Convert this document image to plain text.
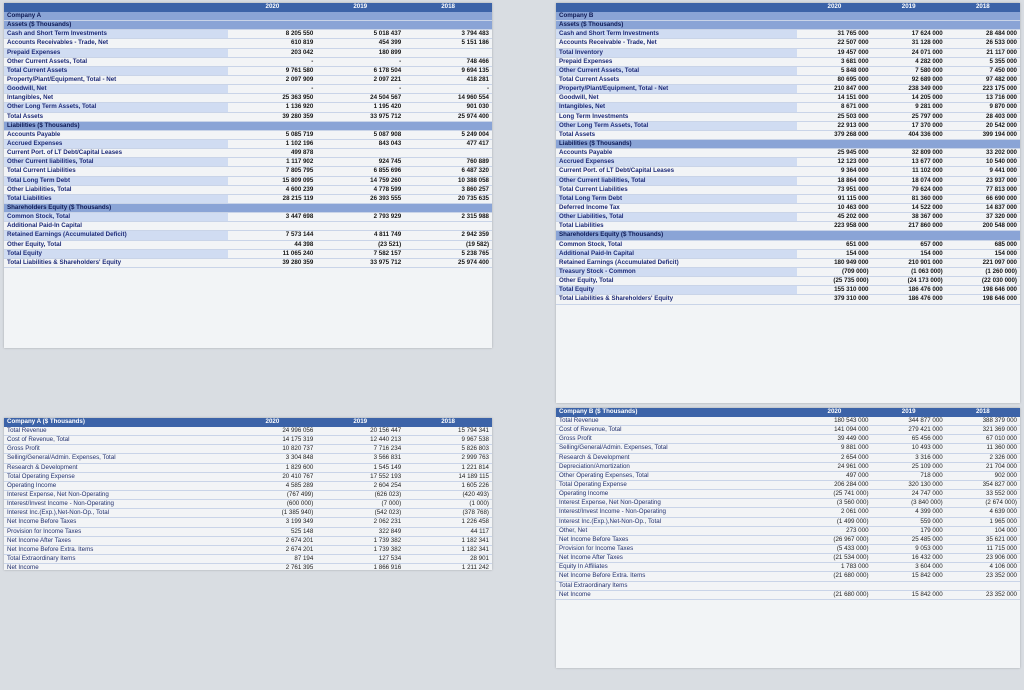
	2020	2019	2018
Company A			
Assets ($ Thousands)			
Cash and Short Term Investments	8 205 550	5 018 437	3 794 483
Accounts Receivables - Trade, Net	610 819	454 399	5 151 186
Prepaid Expenses	203 042	180 899	
Other Current Assets, Total	-	-	748 466
Total Current Assets	9 761 580	6 178 504	9 694 135
Property/Plant/Equipment, Total - Net	2 097 909	2 097 221	418 281
Goodwill, Net	-	-	-
Intangibles, Net	25 363 950	24 504 567	14 960 554
Other Long Term Assets, Total	1 136 920	1 195 420	901 030
Total Assets	39 280 359	33 975 712	25 974 400
Liabilities ($ Thousands)			
Accounts Payable	5 085 719	5 087 908	5 249 004
Accrued Expenses	1 102 196	843 043	477 417
Current Port. of LT Debt/Capital Leases	499 878		
Other Current liabilities, Total	1 117 902	924 745	760 889
Total Current Liabilities	7 805 795	6 855 696	6 487 320
Total Long Term Debt	15 809 095	14 759 260	10 388 058
Other Liabilities, Total	4 600 239	4 778 599	3 860 257
Total Liabilities	28 215 119	26 393 555	20 735 635
Shareholders Equity ($ Thousands)			
Common Stock, Total	3 447 698	2 793 929	2 315 988
Additional Paid-In Capital			
Retained Earnings (Accumulated Deficit)	7 573 144	4 811 749	2 942 359
Other Equity, Total	44 398	(23 521)	(19 582)
Total Equity	11 065 240	7 582 157	5 238 765
Total Liabilities & Shareholders' Equity	39 280 359	33 975 712	25 974 400
	2020	2019	2018
Company B			
Assets ($ Thousands)			
Cash and Short Term Investments	31 765 000	17 624 000	28 484 000
Accounts Receivable - Trade, Net	22 507 000	31 128 000	26 533 000
Total Inventory	19 457 000	24 071 000	21 117 000
Prepaid Expenses	3 681 000	4 282 000	5 355 000
Other Current Assets, Total	5 848 000	7 580 000	7 450 000
Total Current Assets	80 695 000	92 689 000	97 482 000
Property/Plant/Equipment, Total - Net	210 847 000	238 349 000	223 175 000
Goodwill, Net	14 151 000	14 205 000	13 716 000
Intangibles, Net	8 671 000	9 281 000	9 870 000
Long Term Investments	25 503 000	25 797 000	28 403 000
Other Long Term Assets, Total	22 913 000	17 370 000	20 542 000
Total Assets	379 268 000	404 336 000	399 194 000
Liabilities ($ Thousands)			
Accounts Payable	25 945 000	32 809 000	33 202 000
Accrued Expenses	12 123 000	13 677 000	10 540 000
Current Port. of LT Debt/Capital Leases	9 364 000	11 102 000	9 441 000
Other Current liabilities, Total	18 864 000	18 074 000	23 937 000
Total Current Liabilities	73 951 000	79 624 000	77 813 000
Total Long Term Debt	91 115 000	81 360 000	66 690 000
Deferred Income Tax	10 463 000	14 522 000	14 837 000
Other Liabilities, Total	45 202 000	38 367 000	37 320 000
Total Liabilities	223 958 000	217 860 000	200 548 000
Shareholders Equity ($ Thousands)			
Common Stock, Total	651 000	657 000	685 000
Additional Paid-In Capital	154 000	154 000	154 000
Retained Earnings (Accumulated Deficit)	180 949 000	210 901 000	221 097 000
Treasury Stock - Common	(709 000)	(1 063 000)	(1 260 000)
Other Equity, Total	(25 735 000)	(24 173 000)	(22 030 000)
Total Equity	155 310 000	186 476 000	198 646 000
Total Liabilities & Shareholders' Equity	379 310 000	186 476 000	198 646 000
Company A ($ Thousands)	2020	2019	2018
Total Revenue	24 996 056	20 156 447	15 794 341
Cost of Revenue, Total	14 175 319	12 440 213	9 967 538
Gross Profit	10 820 737	7 716 234	5 826 803
Selling/General/Admin. Expenses, Total	3 304 848	3 566 831	2 999 763
Research & Development	1 829 600	1 545 149	1 221 814
Total Operating Expense	20 410 767	17 552 193	14 189 115
Operating Income	4 585 289	2 604 254	1 605 226
Interest Expense, Net Non-Operating	(767 499)	(626 023)	(420 493)
Interest/Invest Income - Non-Operating	(600 000)	(7 000)	(1 000)
Interest Inc.(Exp.),Net-Non-Op., Total	(1 385 940)	(542 023)	(378 768)
Net Income Before Taxes	3 199 349	2 062 231	1 226 458
Provision for Income Taxes	525 148	322 849	44 117
Net Income After Taxes	2 674 201	1 739 382	1 182 341
Net Income Before Extra. Items	2 674 201	1 739 382	1 182 341
Total Extraordinary Items	87 194	127 534	28 901
Net Income	2 761 395	1 866 916	1 211 242
Company B ($ Thousands)	2020	2019	2018
Total Revenue	180 543 000	344 877 000	388 379 000
Cost of Revenue, Total	141 094 000	279 421 000	321 369 000
Gross Profit	39 449 000	65 456 000	67 010 000
Selling/General/Admin. Expenses, Total	9 881 000	10 493 000	11 360 000
Research & Development	2 654 000	3 316 000	2 326 000
Depreciation/Amortization	24 961 000	25 109 000	21 704 000
Other Operating Expenses, Total	497 000	718 000	902 000
Total Operating Expense	206 284 000	320 130 000	354 827 000
Operating Income	(25 741 000)	24 747 000	33 552 000
Interest Expense, Net Non-Operating	(3 560 000)	(3 840 000)	(2 674 000)
Interest/Invest Income - Non-Operating	2 061 000	4 399 000	4 639 000
Interest Inc.(Exp.),Net-Non-Op., Total	(1 499 000)	559 000	1 965 000
Other, Net	273 000	179 000	104 000
Net Income Before Taxes	(26 967 000)	25 485 000	35 621 000
Provision for Income Taxes	(5 433 000)	9 053 000	11 715 000
Net Income After Taxes	(21 534 000)	16 432 000	23 906 000
Equity In Affiliates	1 783 000	3 604 000	4 106 000
Net Income Before Extra. Items	(21 680 000)	15 842 000	23 352 000
Total Extraordinary Items			
Net Income	(21 680 000)	15 842 000	23 352 000
